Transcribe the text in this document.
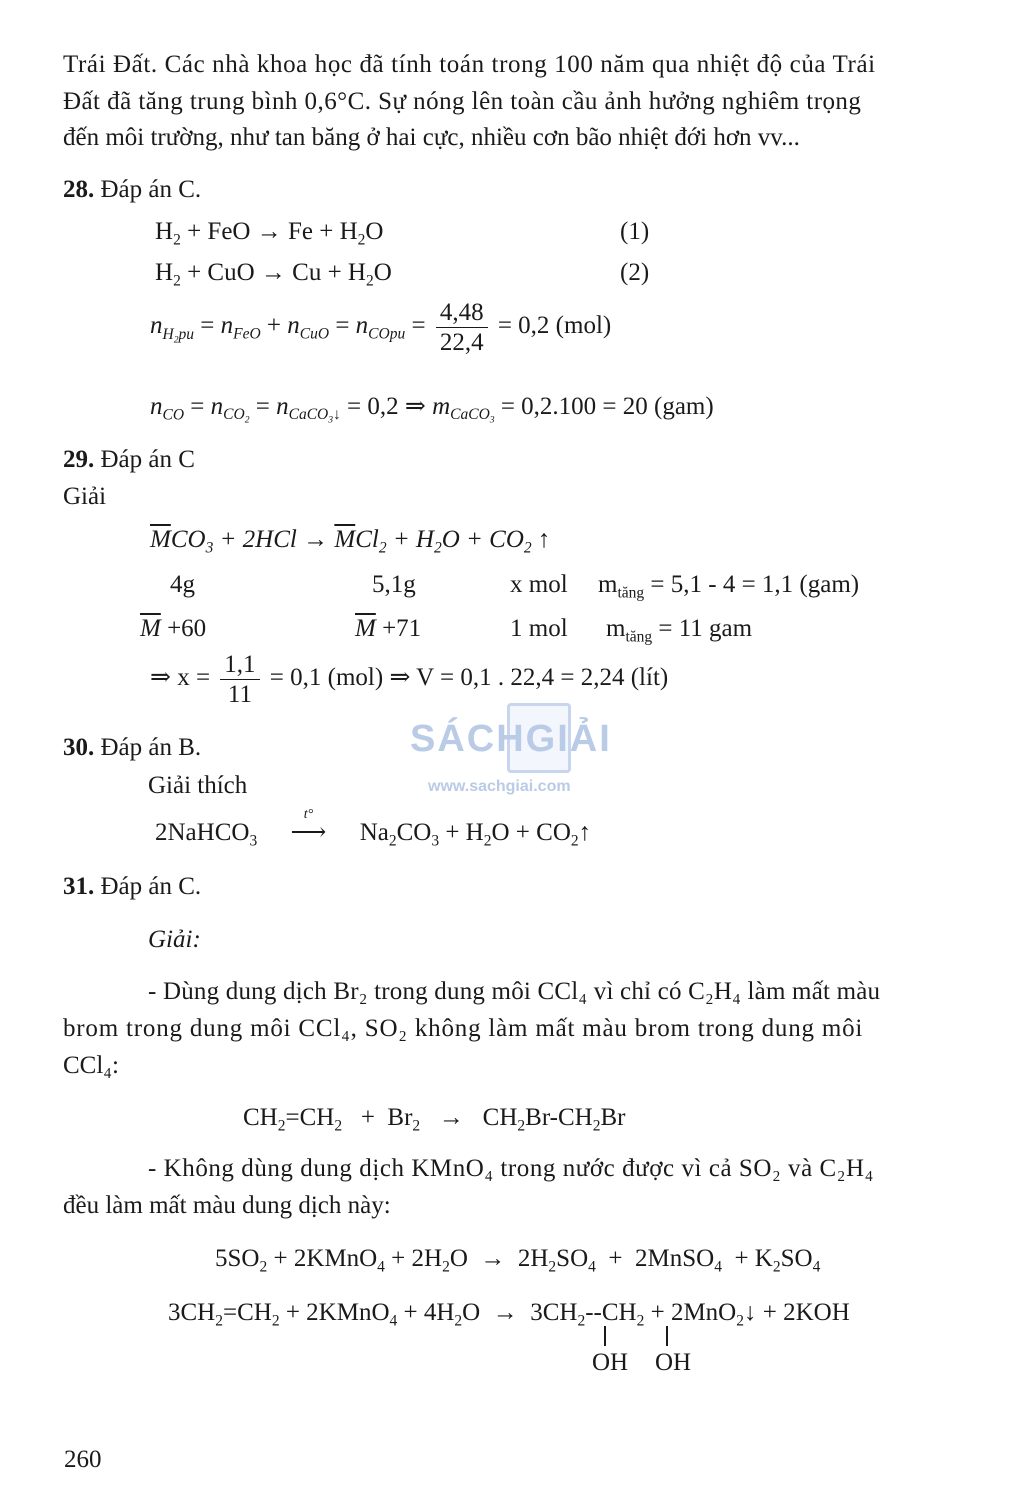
Trái Đất. Các nhà khoa học đã tính toán trong 100 năm qua nhiệt độ của Trái
Đất đã tăng trung bình 0,6°C. Sự nóng lên toàn cầu ảnh hưởng nghiêm trọng
đến môi trường, như tan băng ở hai cực, nhiều cơn bão nhiệt đới hơn vv...
28. Đáp án C.
$H_2$ + FeO → $Fe + H_2O$	(1)
$H_2$ + CuO → $Cu + H_2O$	(2)
$n_{H_2pu} = n_{FeO} + n_{CuO} = n_{COpu} = \frac{4,48}{22,4} = 0,2$ (mol)
$n_{CO} = n_{CO_2} = n_{CaCO_3↓} = 0,2$ ⇒ $m_{CaCO_3} = 0,2.100 = 20$ (gam)
29. Đáp án C
Giải
$\overline{M}CO_3 + 2HCl \to \overline{M}Cl_2 + H_2O + CO_2$ ↑
4g	5,1g	x mol $m_{tăng} = 5,1 - 4 = 1,1$ (gam)
$\overline{M} +60$	$\overline{M} +71$	1 mol $m_{tăng} = 11$ gam
⇒ $x = \frac{1,1}{11} = 0,1$ (mol) ⇒ V = 0,1 . 22,4 = 2,24 (lít)
SÁCHGIẢI
www.sachgiai.com
30. Đáp án B.
Giải thích
2NaHCO$_3$
t°
⟶ $Na_2CO_3 + H_2O$ + $CO_2↑$
31. Đáp án C.
Giải:
- Dùng dung dịch Br₂ trong dung môi CCl₄ vì chỉ có C₂H₄ làm mất màu
brom trong dung môi CCl₄, SO₂ không làm mất màu brom trong dung môi
CCl₄:
$CH_2=CH_2 + Br_2 \to CH_2Br-CH_2Br$
- Không dùng dung dịch KMnO₄ trong nước được vì cả SO₂ và C₂H₄
đều làm mất màu dung dịch này:
$5SO_2$ + 2KMnO$_4$ + $2H_2O \to 2H_2SO_4$  +  2MnSO$_4$  + $K_2SO_4$
$3CH_2=CH_2$ + 2KMnO$_4$ + $4H_2O \to 3CH_2--CH_2$ + 2MnO$_2$↓ + 2KOH
OH OH
260
